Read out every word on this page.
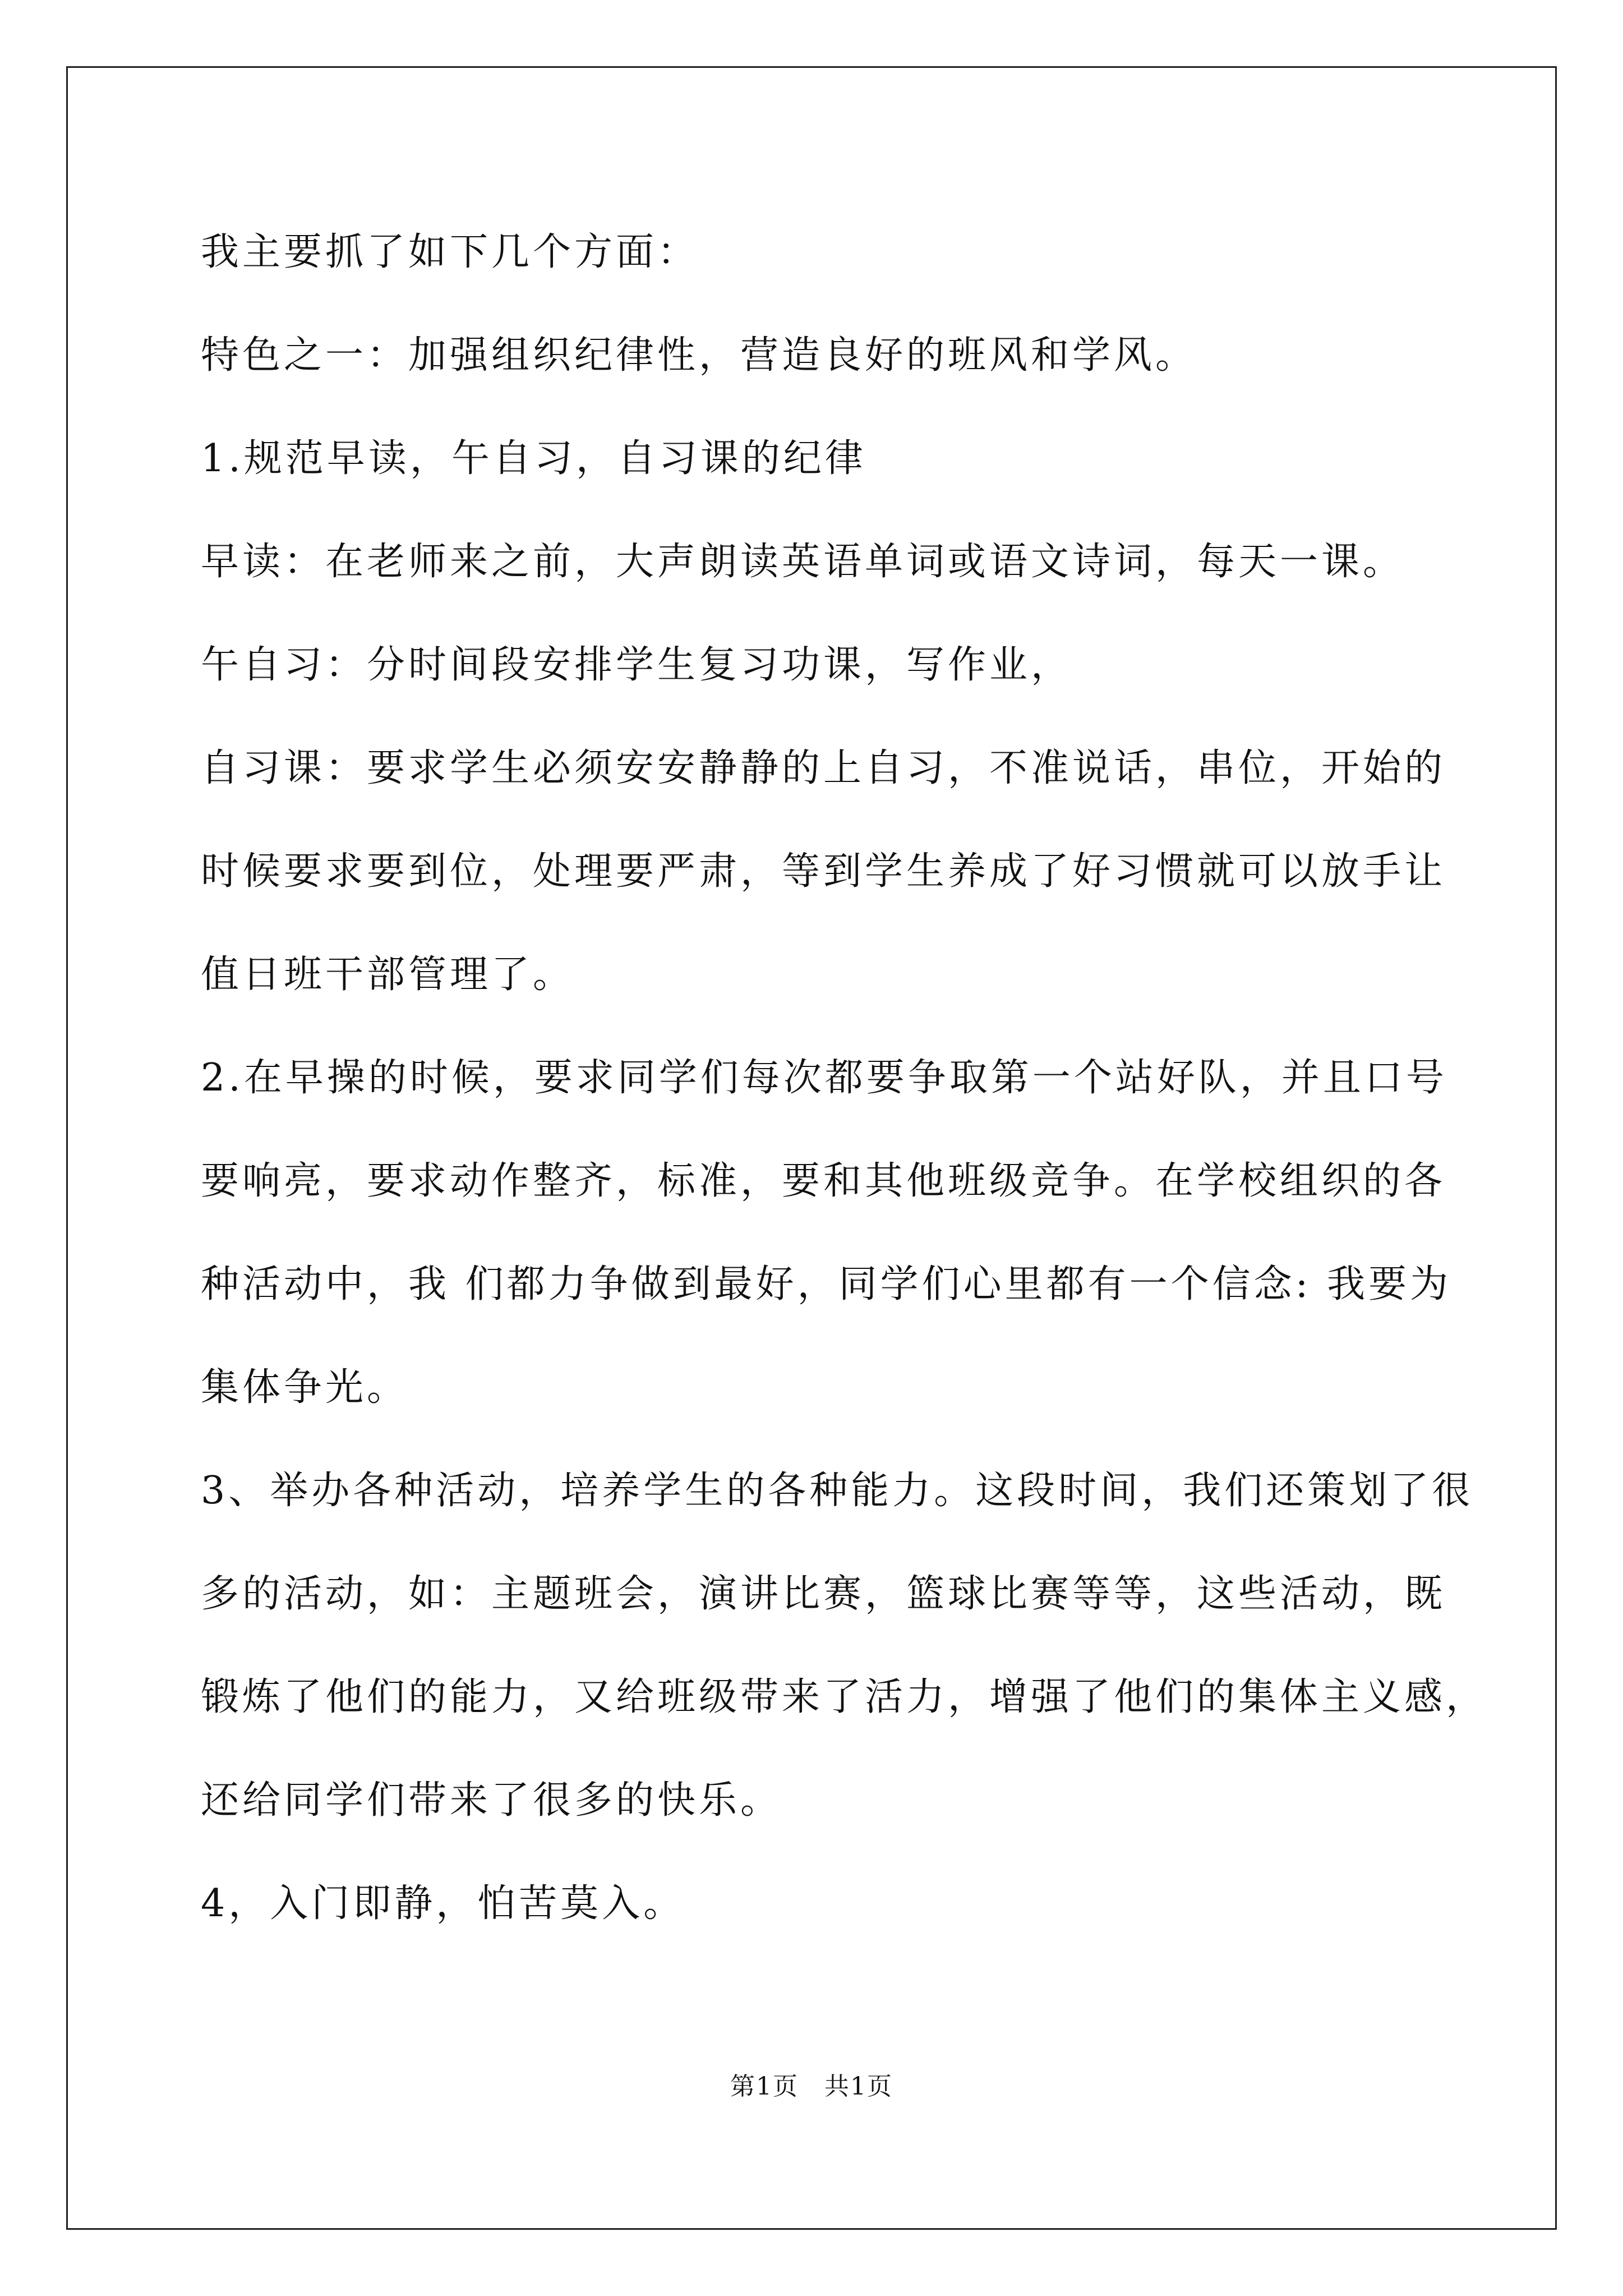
我主要抓了如下几个方面：
特色之一：加强组织纪律性，营造良好的班风和学风。
1.规范早读，午自习，自习课的纪律
早读：在老师来之前，大声朗读英语单词或语文诗词，每天一课。
午自习：分时间段安排学生复习功课，写作业，
自习课：要求学生必须安安静静的上自习，不准说话，串位，开始的
时候要求要到位，处理要严肃，等到学生养成了好习惯就可以放手让
值日班干部管理了。
2.在早操的时候，要求同学们每次都要争取第一个站好队，并且口号
要响亮，要求动作整齐，标准，要和其他班级竞争。在学校组织的各
种活动中，我 们都力争做到最好，同学们心里都有一个信念: 我要为
集体争光。
3、举办各种活动，培养学生的各种能力。这段时间，我们还策划了很
多的活动，如：主题班会，演讲比赛，篮球比赛等等，这些活动，既
锻炼了他们的能力，又给班级带来了活力，增强了他们的集体主义感，
还给同学们带来了很多的快乐。
4，入门即静，怕苦莫入。
第1页　共1页
